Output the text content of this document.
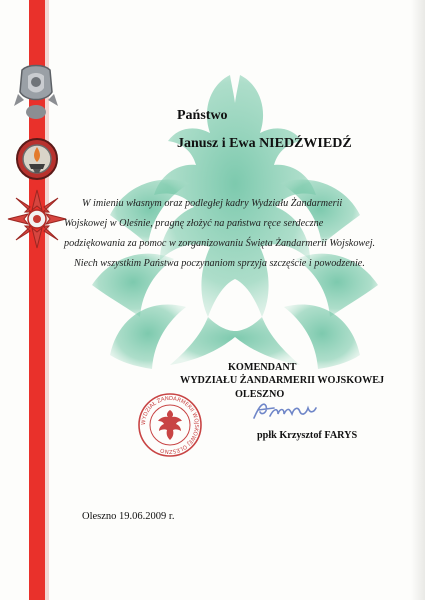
Państwo
Janusz i Ewa NIEDŹWIEDŹ
W imieniu własnym oraz podległej kadry Wydziału Żandarmerii
Wojskowej w Oleśnie, pragnę złożyć na państwa ręce serdeczne
podziękowania za pomoc w zorganizowaniu Święta Żandarmerii Wojskowej.
Niech wszystkim Państwa poczynaniom sprzyja szczęście i powodzenie.
KOMENDANT
WYDZIAŁU ŻANDARMERII WOJSKOWEJ
OLESZNO
ppłk Krzysztof FARYS
WYDZIAŁ ŻANDARMERII WOJSKOWEJ OLESZNO
Oleszno 19.06.2009 r.
